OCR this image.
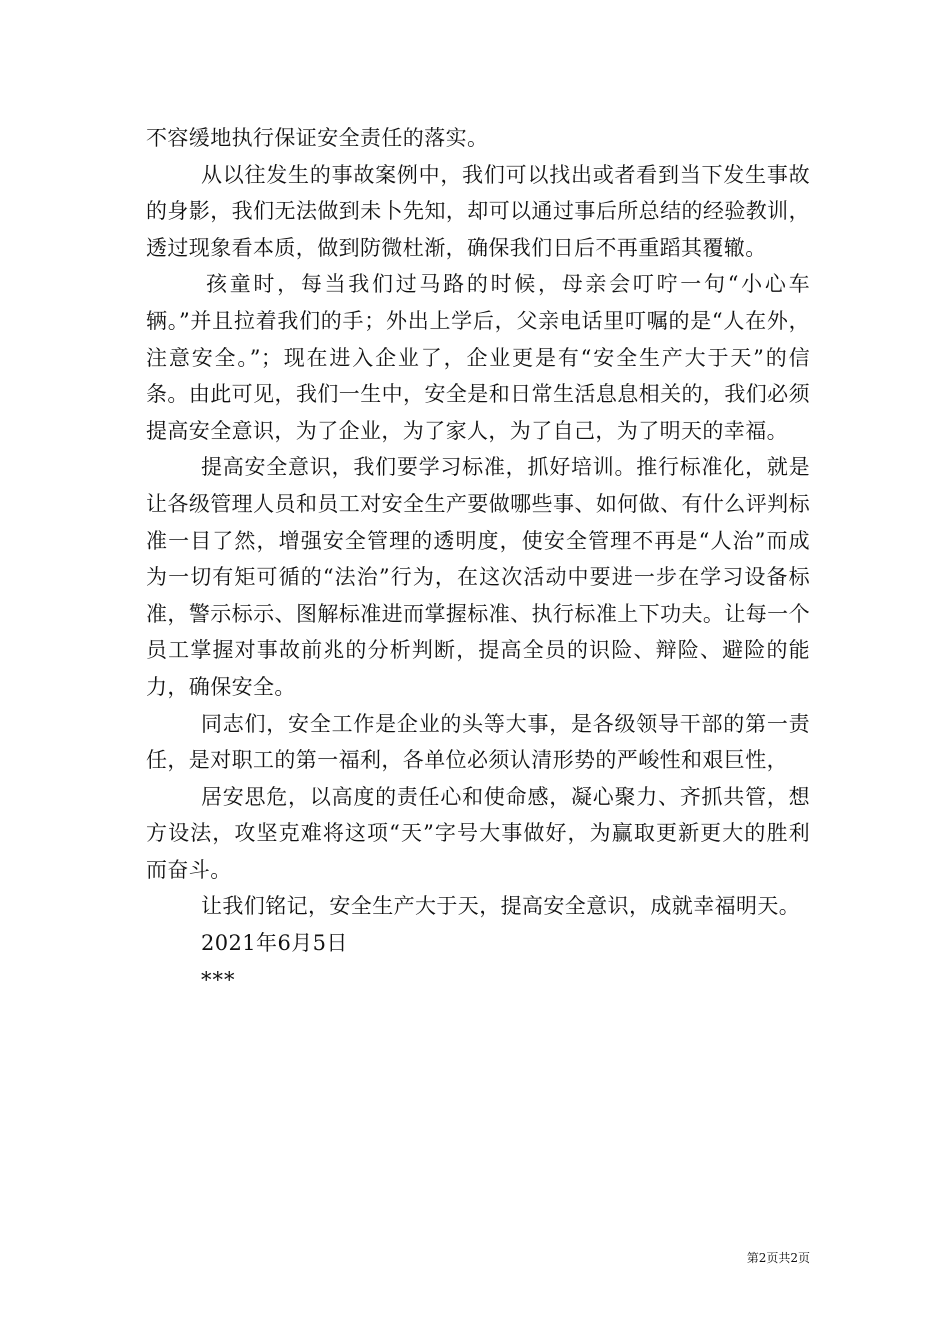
不容缓地执行保证安全责任的落实。

从以往发生的事故案例中，我们可以找出或者看到当下发生事故的身影，我们无法做到未卜先知，却可以通过事后所总结的经验教训，透过现象看本质，做到防微杜渐，确保我们日后不再重蹈其覆辙。

孩童时，每当我们过马路的时候，母亲会叮咛一句“小心车辆。”并且拉着我们的手；外出上学后，父亲电话里叮嘱的是“人在外，注意安全。”；现在进入企业了，企业更是有“安全生产大于天”的信条。由此可见，我们一生中，安全是和日常生活息息相关的，我们必须提高安全意识，为了企业，为了家人，为了自己，为了明天的幸福。

提高安全意识，我们要学习标准，抓好培训。推行标准化，就是让各级管理人员和员工对安全生产要做哪些事、如何做、有什么评判标准一目了然，增强安全管理的透明度，使安全管理不再是“人治”而成为一切有矩可循的“法治”行为，在这次活动中要进一步在学习设备标准，警示标示、图解标准进而掌握标准、执行标准上下功夫。让每一个员工掌握对事故前兆的分析判断，提高全员的识险、辩险、避险的能力，确保安全。

同志们，安全工作是企业的头等大事，是各级领导干部的第一责任，是对职工的第一福利，各单位必须认清形势的严峻性和艰巨性，

居安思危，以高度的责任心和使命感，凝心聚力、齐抓共管，想方设法，攻坚克难将这项“天”字号大事做好，为赢取更新更大的胜利而奋斗。

让我们铭记，安全生产大于天，提高安全意识，成就幸福明天。

2021年6月5日

***

第2页共2页
